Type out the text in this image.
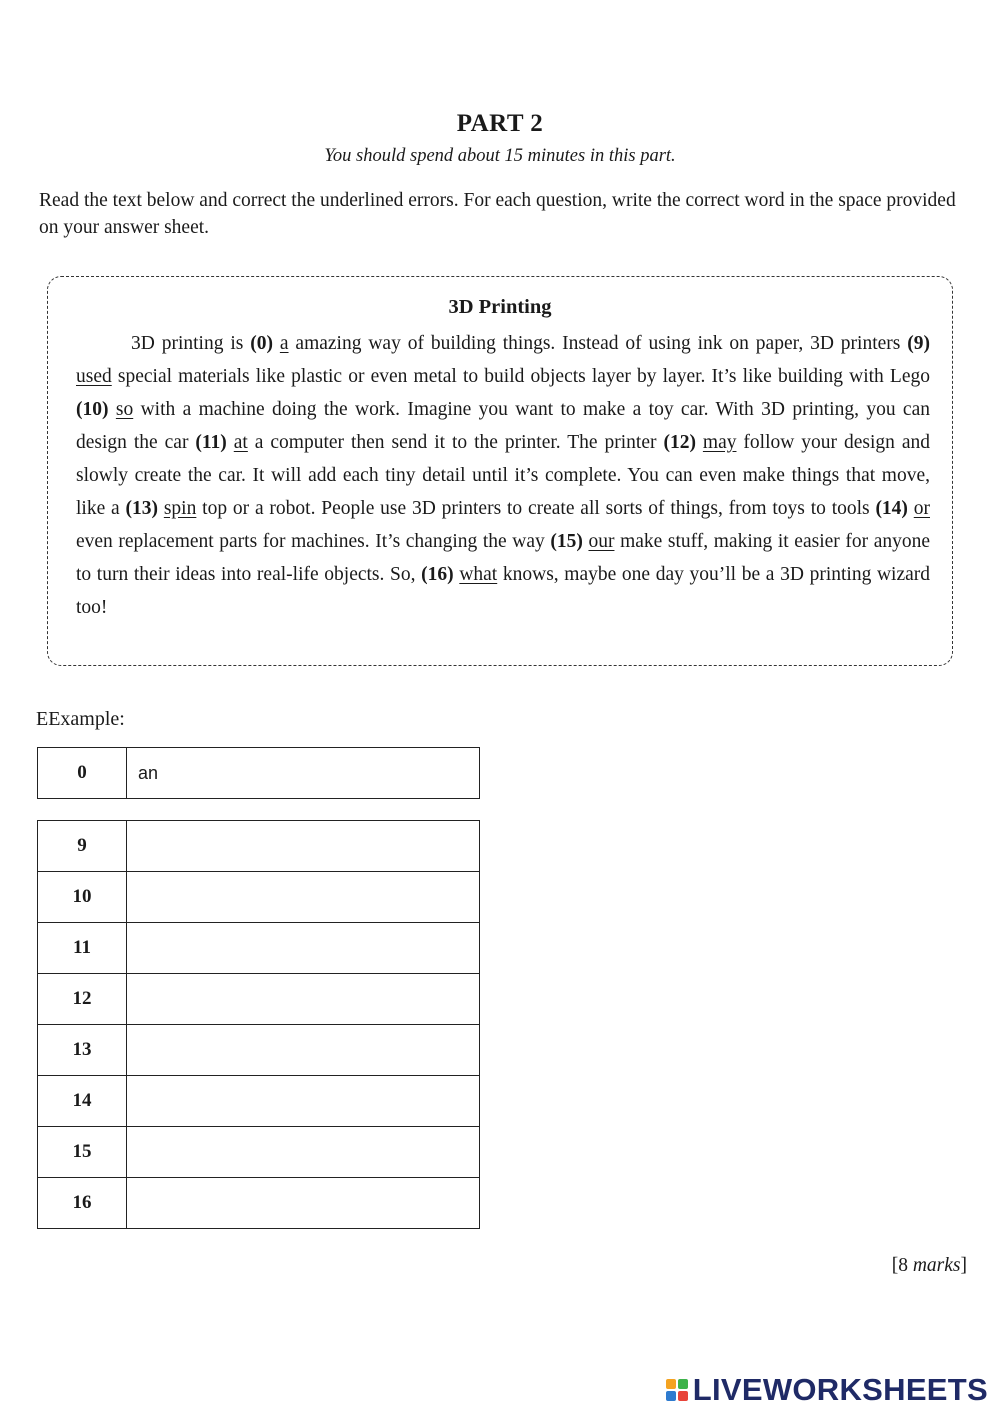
PART 2
You should spend about 15 minutes in this part.
Read the text below and correct the underlined errors. For each question, write the correct word in the space provided on your answer sheet.
3D Printing

3D printing is (0) a amazing way of building things. Instead of using ink on paper, 3D printers (9) used special materials like plastic or even metal to build objects layer by layer. It’s like building with Lego (10) so with a machine doing the work. Imagine you want to make a toy car. With 3D printing, you can design the car (11) at a computer then send it to the printer. The printer (12) may follow your design and slowly create the car. It will add each tiny detail until it’s complete. You can even make things that move, like a (13) spin top or a robot. People use 3D printers to create all sorts of things, from toys to tools (14) or even replacement parts for machines. It’s changing the way (15) our make stuff, making it easier for anyone to turn their ideas into real-life objects. So, (16) what knows, maybe one day you’ll be a 3D printing wizard too!

EExample:
0	an
9	
10	
11	
12	
13	
14	
15	
16	
[8 marks]
LIVEWORKSHEETS
